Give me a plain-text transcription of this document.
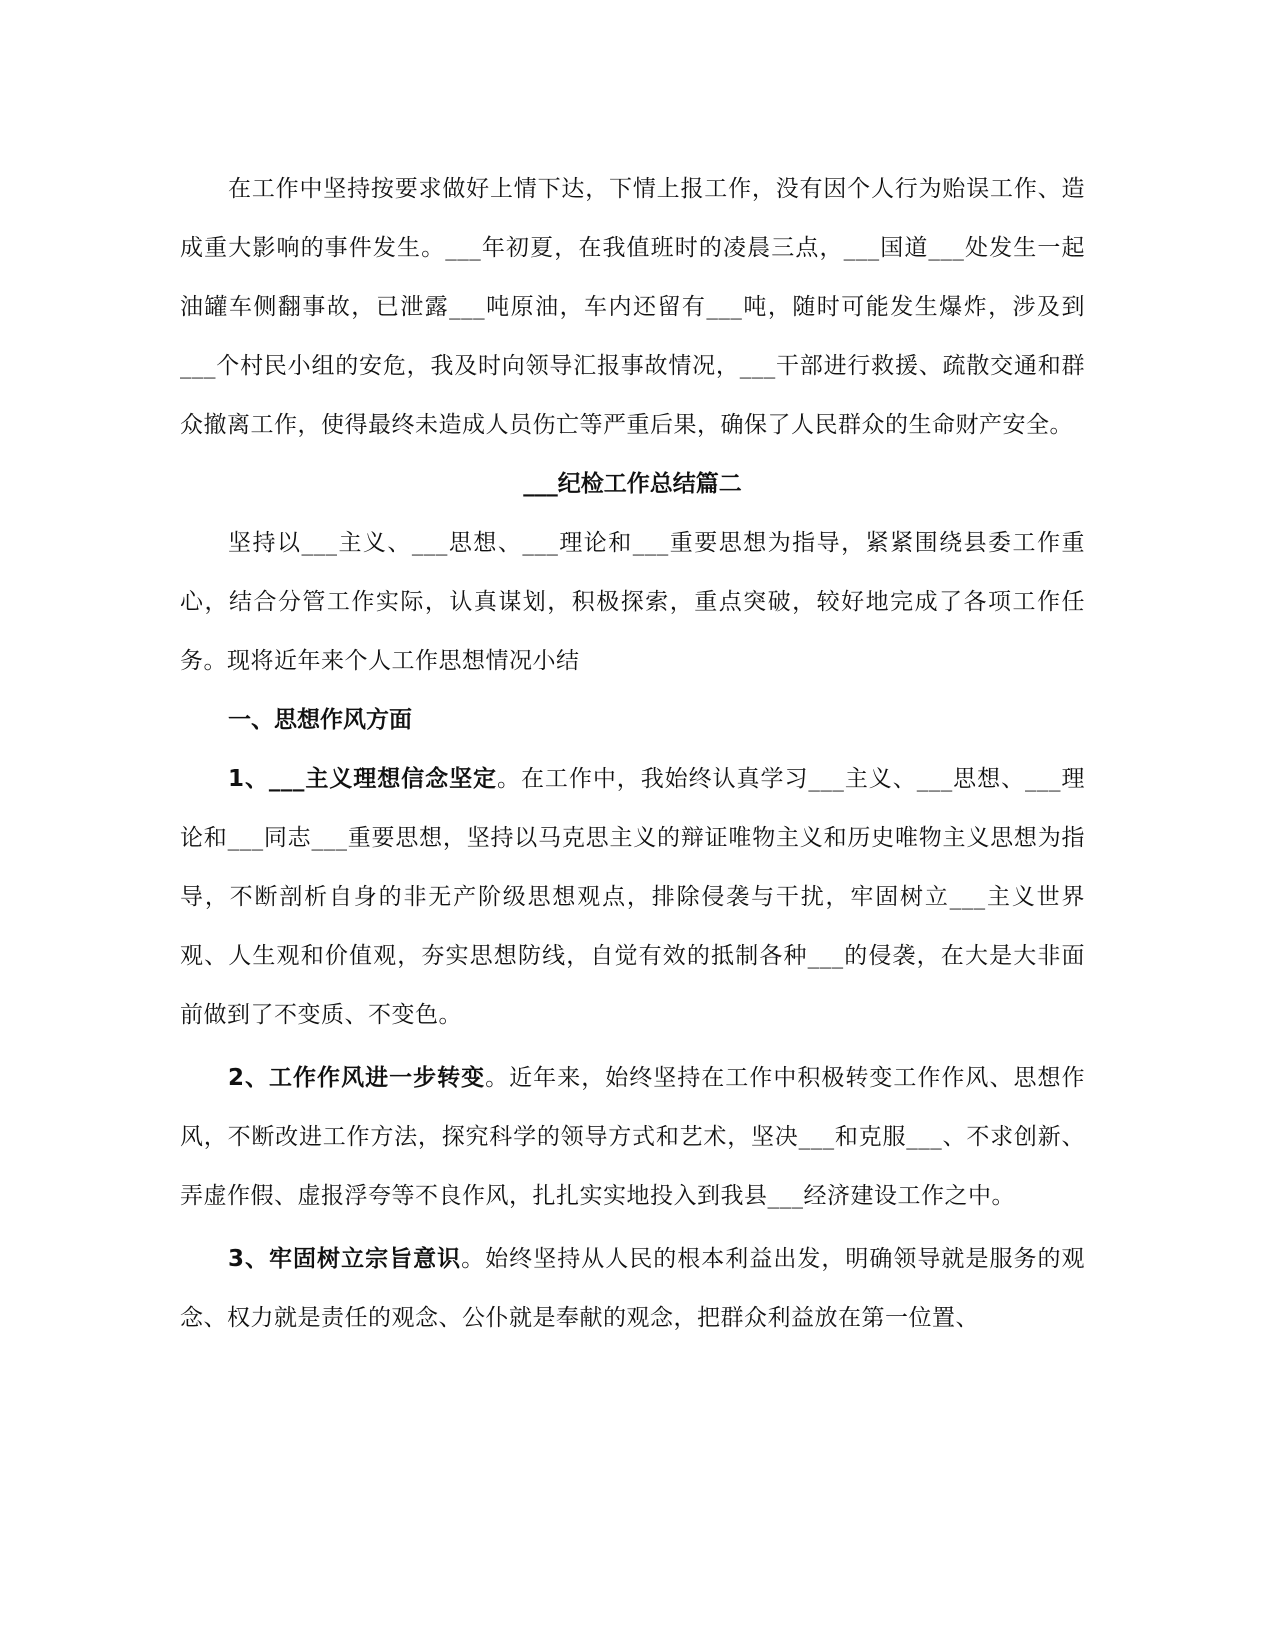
在工作中坚持按要求做好上情下达，下情上报工作，没有因个人行为贻误工作、造成重大影响的事件发生。___年初夏，在我值班时的凌晨三点，___国道___处发生一起油罐车侧翻事故，已泄露___吨原油，车内还留有___吨，随时可能发生爆炸，涉及到___个村民小组的安危，我及时向领导汇报事故情况，___干部进行救援、疏散交通和群众撤离工作，使得最终未造成人员伤亡等严重后果，确保了人民群众的生命财产安全。

___纪检工作总结篇二

坚持以___主义、___思想、___理论和___重要思想为指导，紧紧围绕县委工作重心，结合分管工作实际，认真谋划，积极探索，重点突破，较好地完成了各项工作任务。现将近年来个人工作思想情况小结

一、思想作风方面

1、___主义理想信念坚定。在工作中，我始终认真学习___主义、___思想、___理论和___同志___重要思想，坚持以马克思主义的辩证唯物主义和历史唯物主义思想为指导，不断剖析自身的非无产阶级思想观点，排除侵袭与干扰，牢固树立___主义世界观、人生观和价值观，夯实思想防线，自觉有效的抵制各种___的侵袭，在大是大非面前做到了不变质、不变色。

2、工作作风进一步转变。近年来，始终坚持在工作中积极转变工作作风、思想作风，不断改进工作方法，探究科学的领导方式和艺术，坚决___和克服___、不求创新、弄虚作假、虚报浮夸等不良作风，扎扎实实地投入到我县___经济建设工作之中。

3、牢固树立宗旨意识。始终坚持从人民的根本利益出发，明确领导就是服务的观念、权力就是责任的观念、公仆就是奉献的观念，把群众利益放在第一位置、
